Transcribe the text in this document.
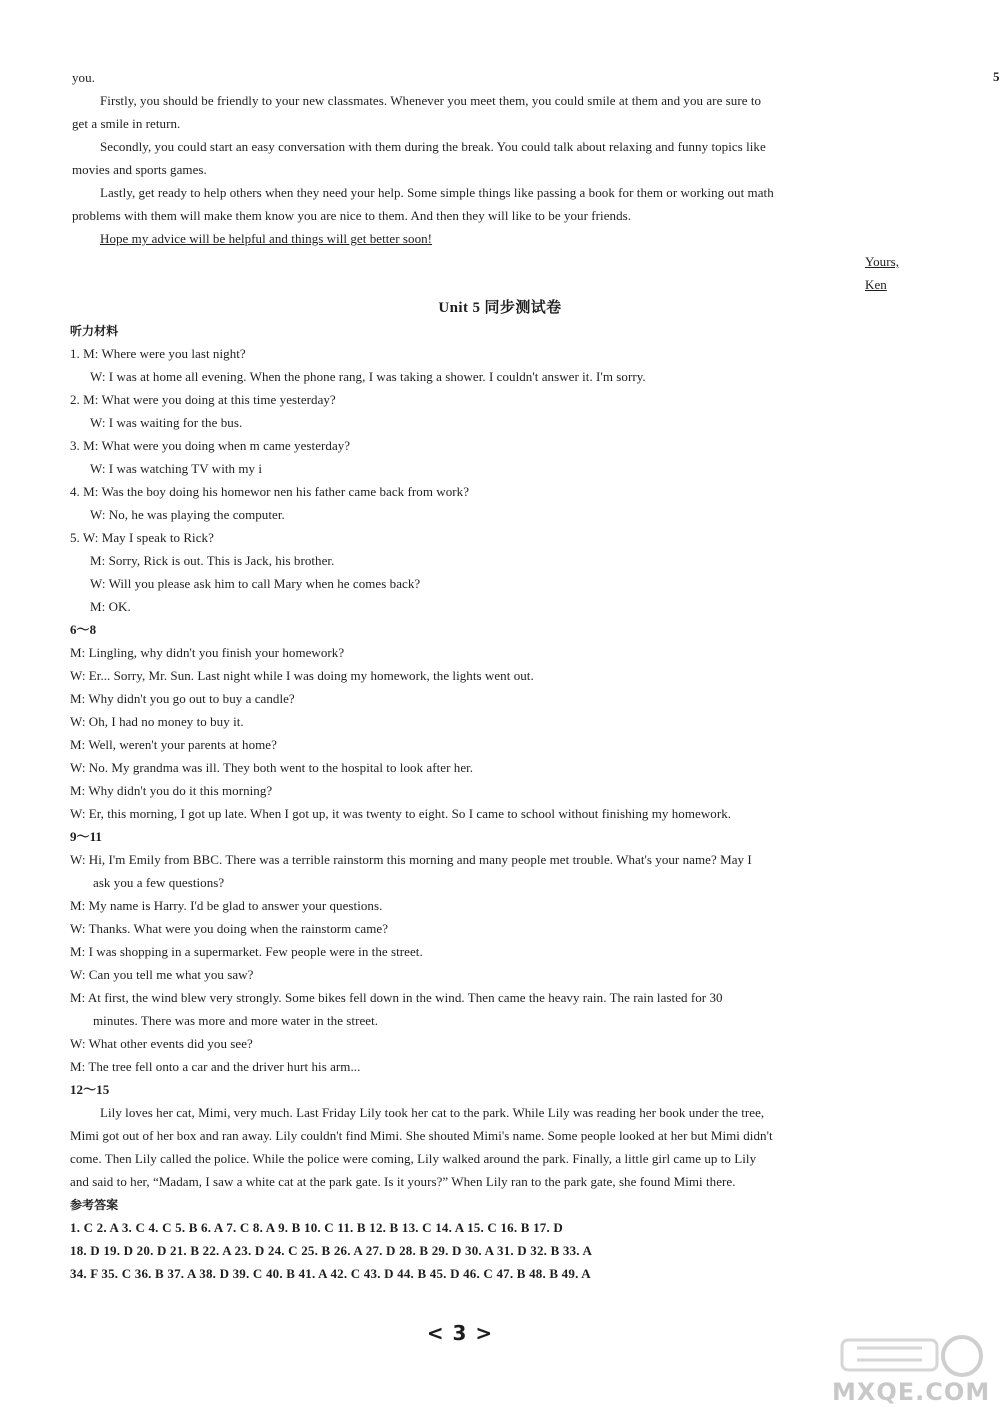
you.	5
Firstly, you should be friendly to your new classmates. Whenever you meet them, you could smile at them and you are sure to
get a smile in return.
Secondly, you could start an easy conversation with them during the break. You could talk about relaxing and funny topics like
movies and sports games.
Lastly, get ready to help others when they need your help. Some simple things like passing a book for them or working out math
problems with them will make them know you are nice to them. And then they will like to be your friends.
Hope my advice will be helpful and things will get better soon!
Yours,
Ken
Unit 5 同步测试卷
听力材料
1. M: Where were you last night?
W: I was at home all evening. When the phone rang, I was taking a shower. I couldn't answer it. I'm sorry.
2. M: What were you doing at this time yesterday?
W: I was waiting for the bus.
3. M: What were you doing when m came yesterday?
W: I was watching TV with my i
4. M: Was the boy doing his homewor nen his father came back from work?
W: No, he was playing the computer.
5. W: May I speak to Rick?
M: Sorry, Rick is out. This is Jack, his brother.
W: Will you please ask him to call Mary when he comes back?
M: OK.
6～8
M: Lingling, why didn't you finish your homework?
W: Er... Sorry, Mr. Sun. Last night while I was doing my homework, the lights went out.
M: Why didn't you go out to buy a candle?
W: Oh, I had no money to buy it.
M: Well, weren't your parents at home?
W: No. My grandma was ill. They both went to the hospital to look after her.
M: Why didn't you do it this morning?
W: Er, this morning, I got up late. When I got up, it was twenty to eight. So I came to school without finishing my homework.
9～11
W: Hi, I'm Emily from BBC. There was a terrible rainstorm this morning and many people met trouble. What's your name? May I
ask you a few questions?
M: My name is Harry. I'd be glad to answer your questions.
W: Thanks. What were you doing when the rainstorm came?
M: I was shopping in a supermarket. Few people were in the street.
W: Can you tell me what you saw?
M: At first, the wind blew very strongly. Some bikes fell down in the wind. Then came the heavy rain. The rain lasted for 30
minutes. There was more and more water in the street.
W: What other events did you see?
M: The tree fell onto a car and the driver hurt his arm...
12～15
Lily loves her cat, Mimi, very much. Last Friday Lily took her cat to the park. While Lily was reading her book under the tree,
Mimi got out of her box and ran away. Lily couldn't find Mimi. She shouted Mimi's name. Some people looked at her but Mimi didn't
come. Then Lily called the police. While the police were coming, Lily walked around the park. Finally, a little girl came up to Lily
and said to her, “Madam, I saw a white cat at the park gate. Is it yours?” When Lily ran to the park gate, she found Mimi there.
参考答案
1. C 2. A 3. C 4. C 5. B 6. A 7. C 8. A 9. B 10. C 11. B 12. B 13. C 14. A 15. C 16. B 17. D
18. D 19. D 20. D 21. B 22. A 23. D 24. C 25. B 26. A 27. D 28. B 29. D 30. A 31. D 32. B 33. A
34. F 35. C 36. B 37. A 38. D 39. C 40. B 41. A 42. C 43. D 44. B 45. D 46. C 47. B 48. B 49. A
< 3 >
MXQE.COM
